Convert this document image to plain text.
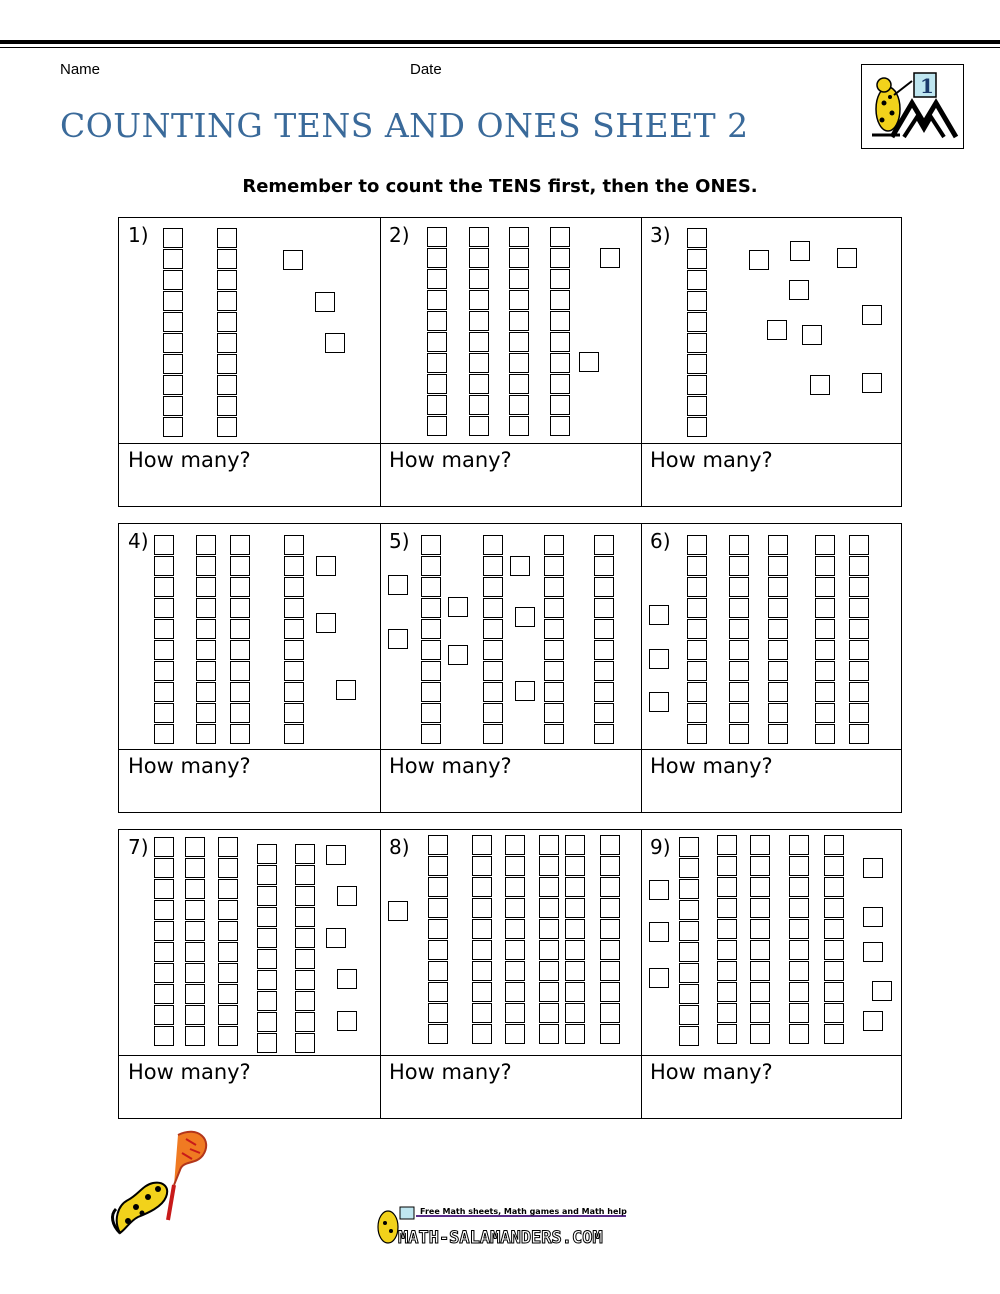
Name	Date
COUNTING TENS AND ONES SHEET 2
1
Remember to count the TENS first, then the ONES.
1)
How many?
2)
How many?
3)
How many?
4)
How many?
5)
How many?
6)
How many?
7)
How many?
8)
How many?
9)
How many?
Free Math sheets, Math games and Math help
MATH-SALAMANDERS.COM
